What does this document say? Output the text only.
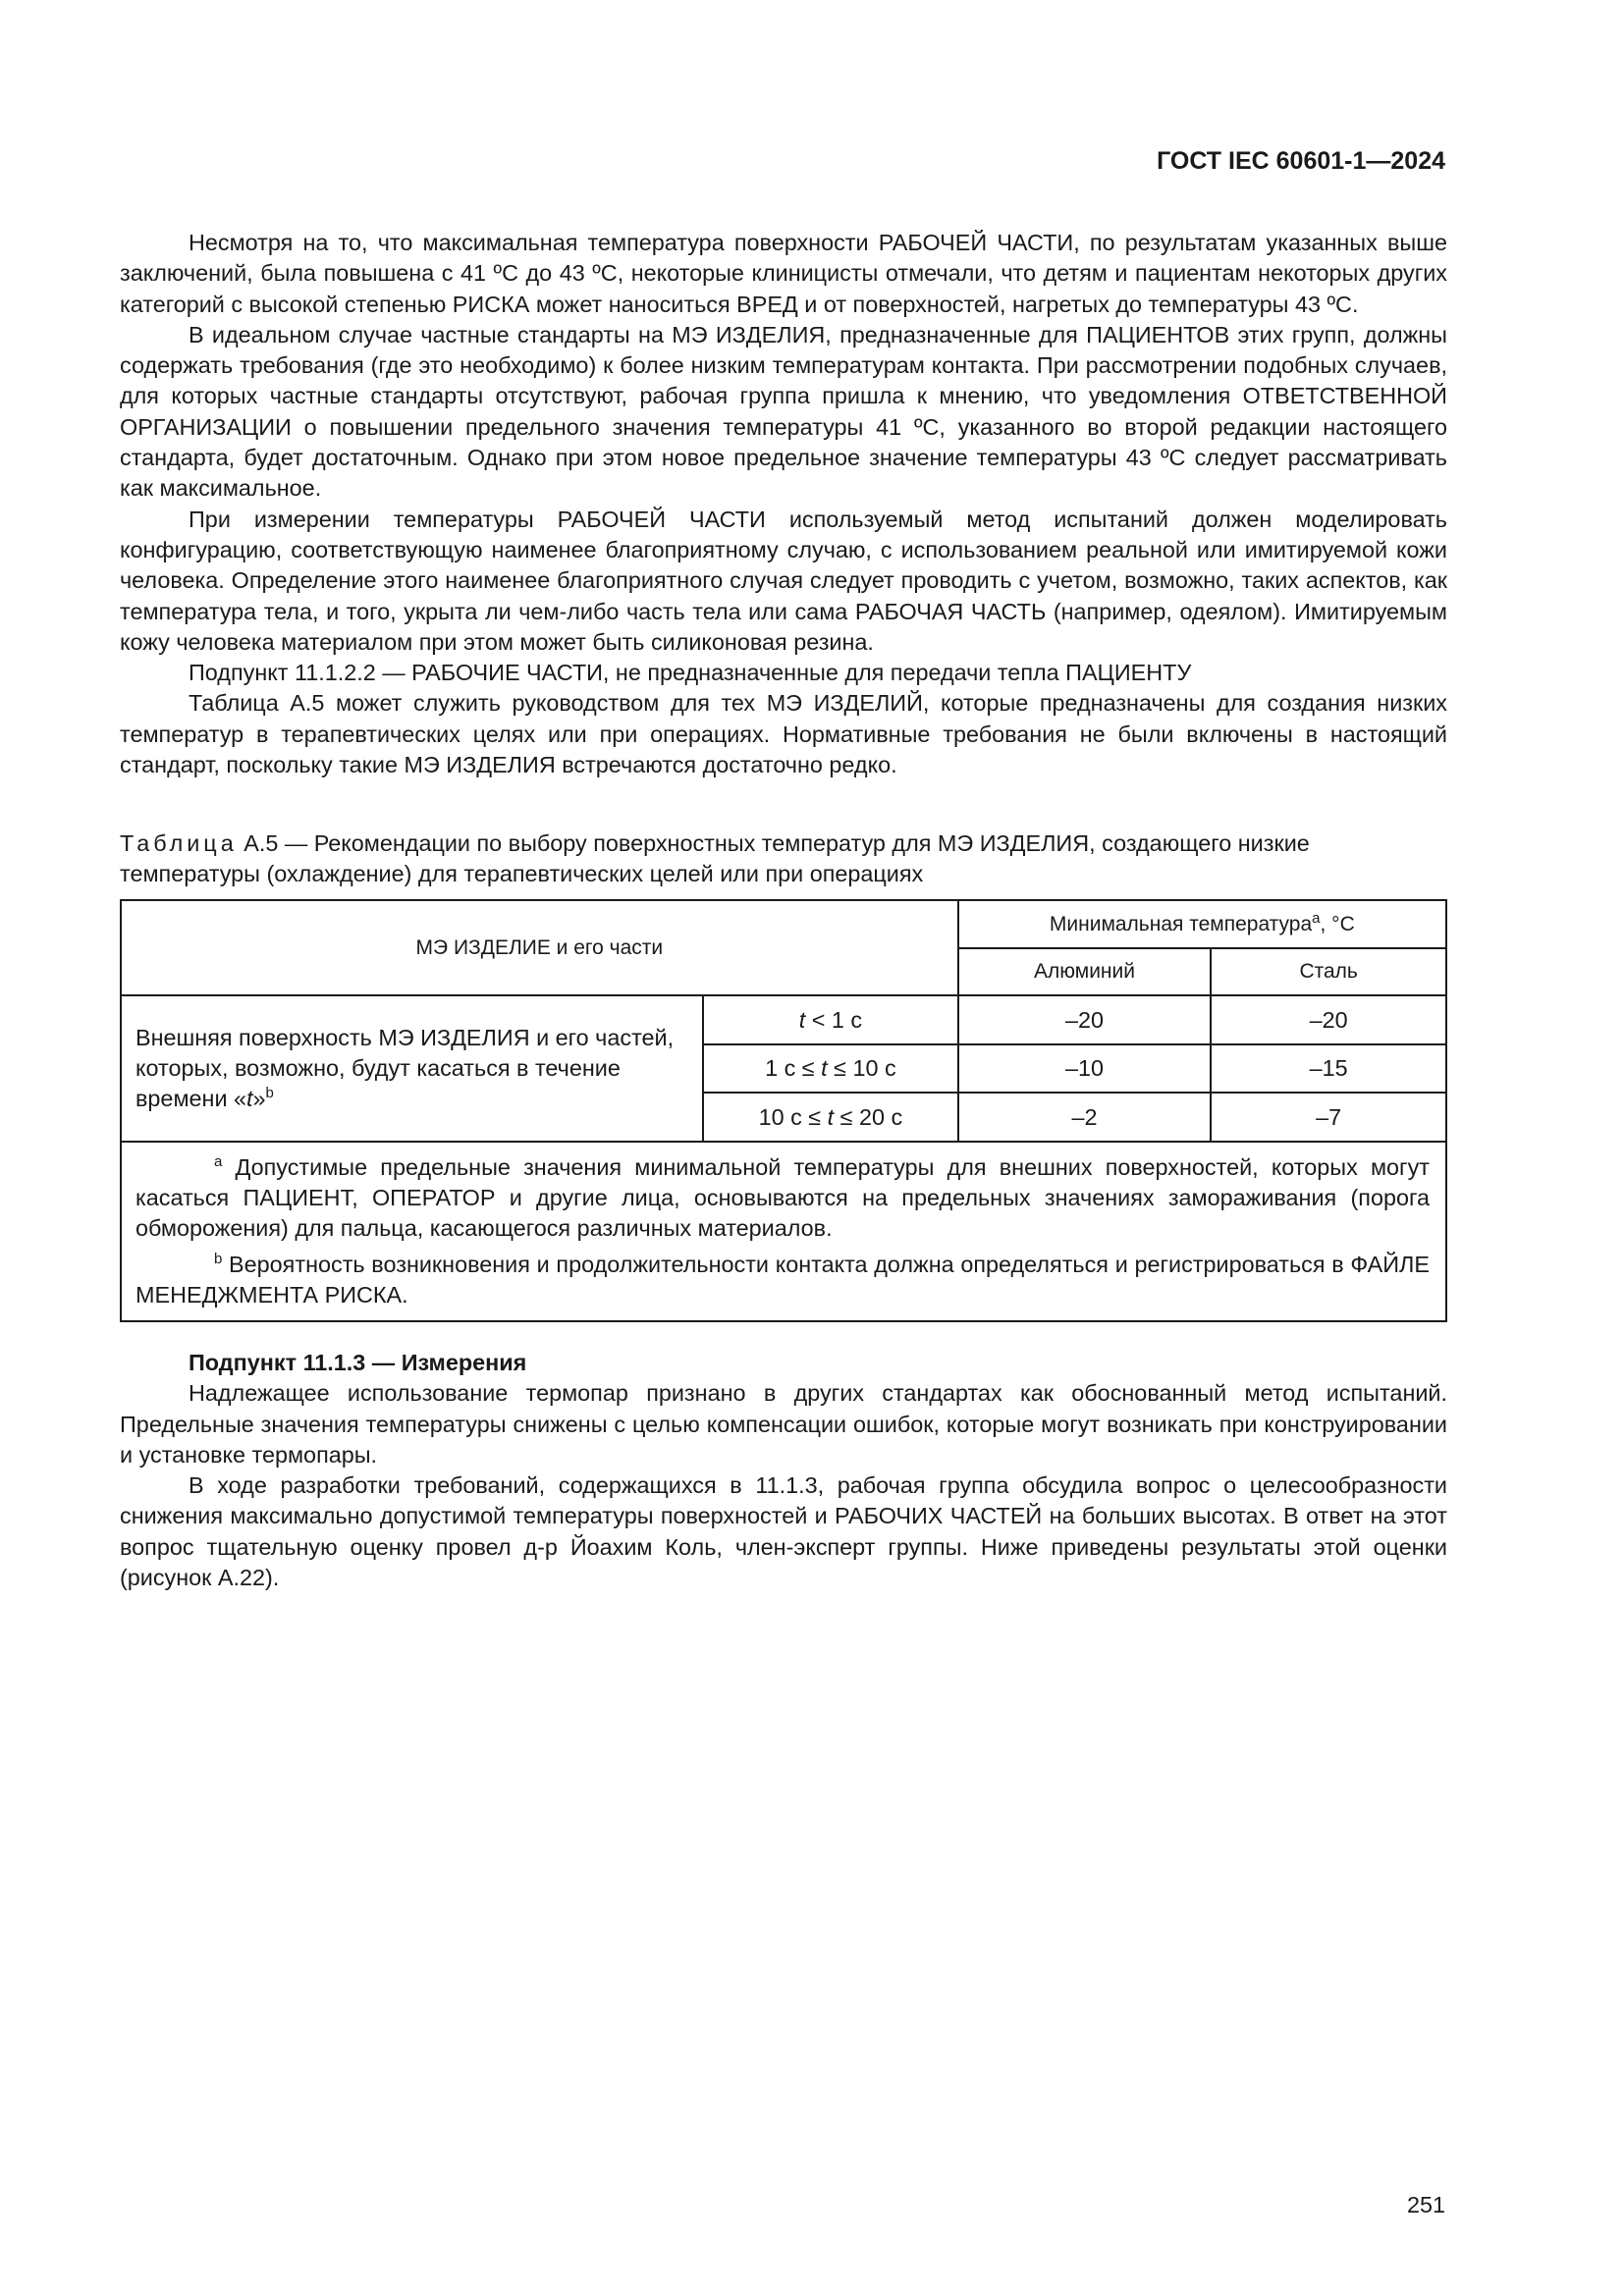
ГОСТ IEC 60601-1—2024

Несмотря на то, что максимальная температура поверхности РАБОЧЕЙ ЧАСТИ, по результатам указанных выше заключений, была повышена с 41 ºC до 43 ºC, некоторые клиницисты отмечали, что детям и пациентам некоторых других категорий с высокой степенью РИСКА может наноситься ВРЕД и от поверхностей, нагретых до температуры 43 ºC.

В идеальном случае частные стандарты на МЭ ИЗДЕЛИЯ, предназначенные для ПАЦИЕНТОВ этих групп, должны содержать требования (где это необходимо) к более низким температурам контакта. При рассмотрении подобных случаев, для которых частные стандарты отсутствуют, рабочая группа пришла к мнению, что уведомления ОТВЕТСТВЕННОЙ ОРГАНИЗАЦИИ о повышении предельного значения температуры 41 ºC, указанного во второй редакции настоящего стандарта, будет достаточным. Однако при этом новое предельное значение температуры 43 ºC следует рассматривать как максимальное.

При измерении температуры РАБОЧЕЙ ЧАСТИ используемый метод испытаний должен моделировать конфигурацию, соответствующую наименее благоприятному случаю, с использованием реальной или имитируемой кожи человека. Определение этого наименее благоприятного случая следует проводить с учетом, возможно, таких аспектов, как температура тела, и того, укрыта ли чем-либо часть тела или сама РАБОЧАЯ ЧАСТЬ (например, одеялом). Имитируемым кожу человека материалом при этом может быть силиконовая резина.

Подпункт 11.1.2.2 — РАБОЧИЕ ЧАСТИ, не предназначенные для передачи тепла ПАЦИЕНТУ

Таблица А.5 может служить руководством для тех МЭ ИЗДЕЛИЙ, которые предназначены для создания низких температур в терапевтических целях или при операциях. Нормативные требования не были включены в настоящий стандарт, поскольку такие МЭ ИЗДЕЛИЯ встречаются достаточно редко.

Таблица А.5 — Рекомендации по выбору поверхностных температур для МЭ ИЗДЕЛИЯ, создающего низкие температуры (охлаждение) для терапевтических целей или при операциях
МЭ ИЗДЕЛИЕ и его части		Минимальная температура$^a$, °C	
		Алюминий	Сталь
Внешняя поверхность МЭ ИЗДЕЛИЯ и его частей, которых, возможно, будут касаться в течение времени «t»$^b$	t < 1 с	–20	–20
	1 с ≤ t ≤ 10 с	–10	–15
	10 с ≤ t ≤ 20 с	–2	–7

$^a$ Допустимые предельные значения минимальной температуры для внешних поверхностей, которых могут касаться ПАЦИЕНТ, ОПЕРАТОР и другие лица, основываются на предельных значениях замораживания (порога обморожения) для пальца, касающегося различных материалов.

$^b$ Вероятность возникновения и продолжительности контакта должна определяться и регистрироваться в ФАЙЛЕ МЕНЕДЖМЕНТА РИСКА.			

Подпункт 11.1.3 — Измерения

Надлежащее использование термопар признано в других стандартах как обоснованный метод испытаний. Предельные значения температуры снижены с целью компенсации ошибок, которые могут возникать при конструировании и установке термопары.

В ходе разработки требований, содержащихся в 11.1.3, рабочая группа обсудила вопрос о целесообразности снижения максимально допустимой температуры поверхностей и РАБОЧИХ ЧАСТЕЙ на больших высотах. В ответ на этот вопрос тщательную оценку провел д-р Йоахим Коль, член-эксперт группы. Ниже приведены результаты этой оценки (рисунок А.22).

251
